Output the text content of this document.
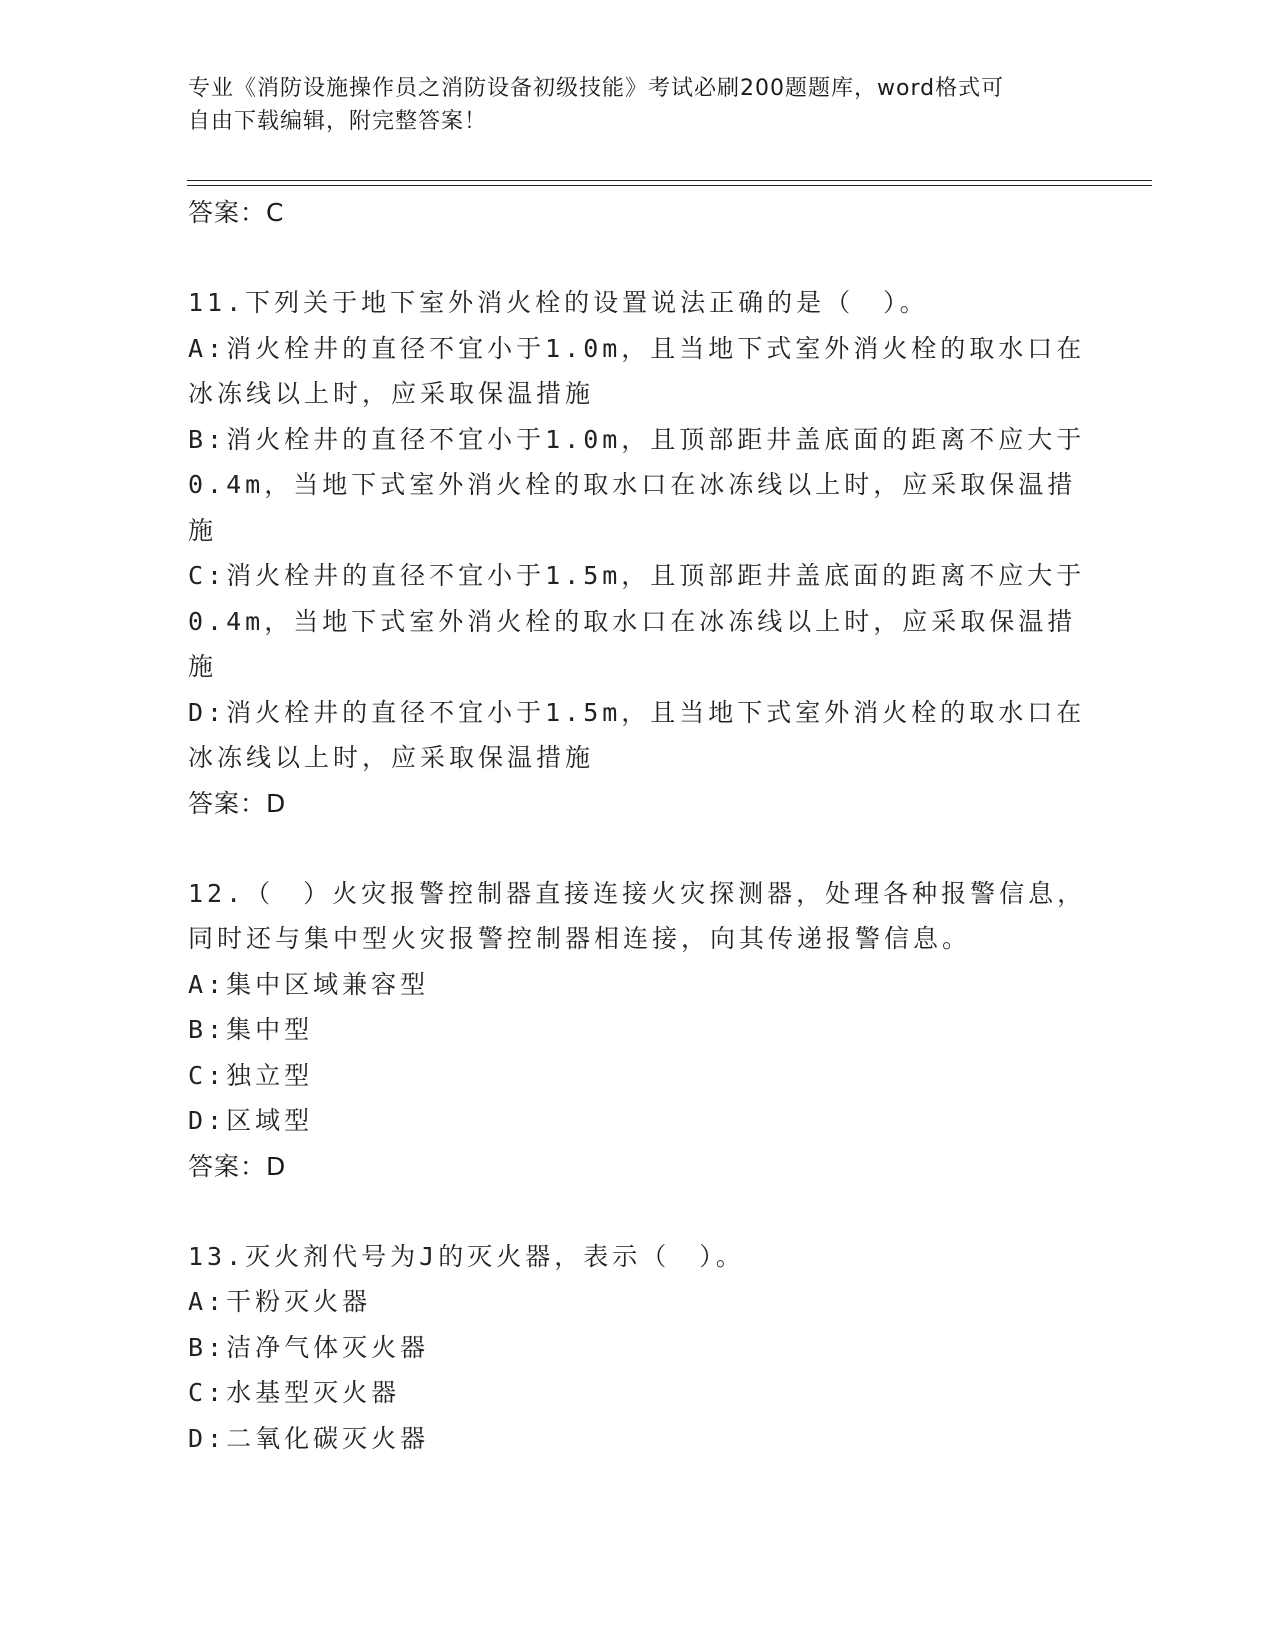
专业《消防设施操作员之消防设备初级技能》考试必刷200题题库，word格式可
自由下载编辑，附完整答案！
答案：C
11.下列关于地下室外消火栓的设置说法正确的是（　）。
A:消火栓井的直径不宜小于1.0m，且当地下式室外消火栓的取水口在冰冻线以上时，应采取保温措施
B:消火栓井的直径不宜小于1.0m，且顶部距井盖底面的距离不应大于0.4m，当地下式室外消火栓的取水口在冰冻线以上时，应采取保温措施
C:消火栓井的直径不宜小于1.5m，且顶部距井盖底面的距离不应大于0.4m，当地下式室外消火栓的取水口在冰冻线以上时，应采取保温措施
D:消火栓井的直径不宜小于1.5m，且当地下式室外消火栓的取水口在冰冻线以上时，应采取保温措施
答案：D
12.（　）火灾报警控制器直接连接火灾探测器，处理各种报警信息，同时还与集中型火灾报警控制器相连接，向其传递报警信息。
A:集中区域兼容型
B:集中型
C:独立型
D:区域型
答案：D
13.灭火剂代号为J的灭火器，表示（　）。
A:干粉灭火器
B:洁净气体灭火器
C:水基型灭火器
D:二氧化碳灭火器
